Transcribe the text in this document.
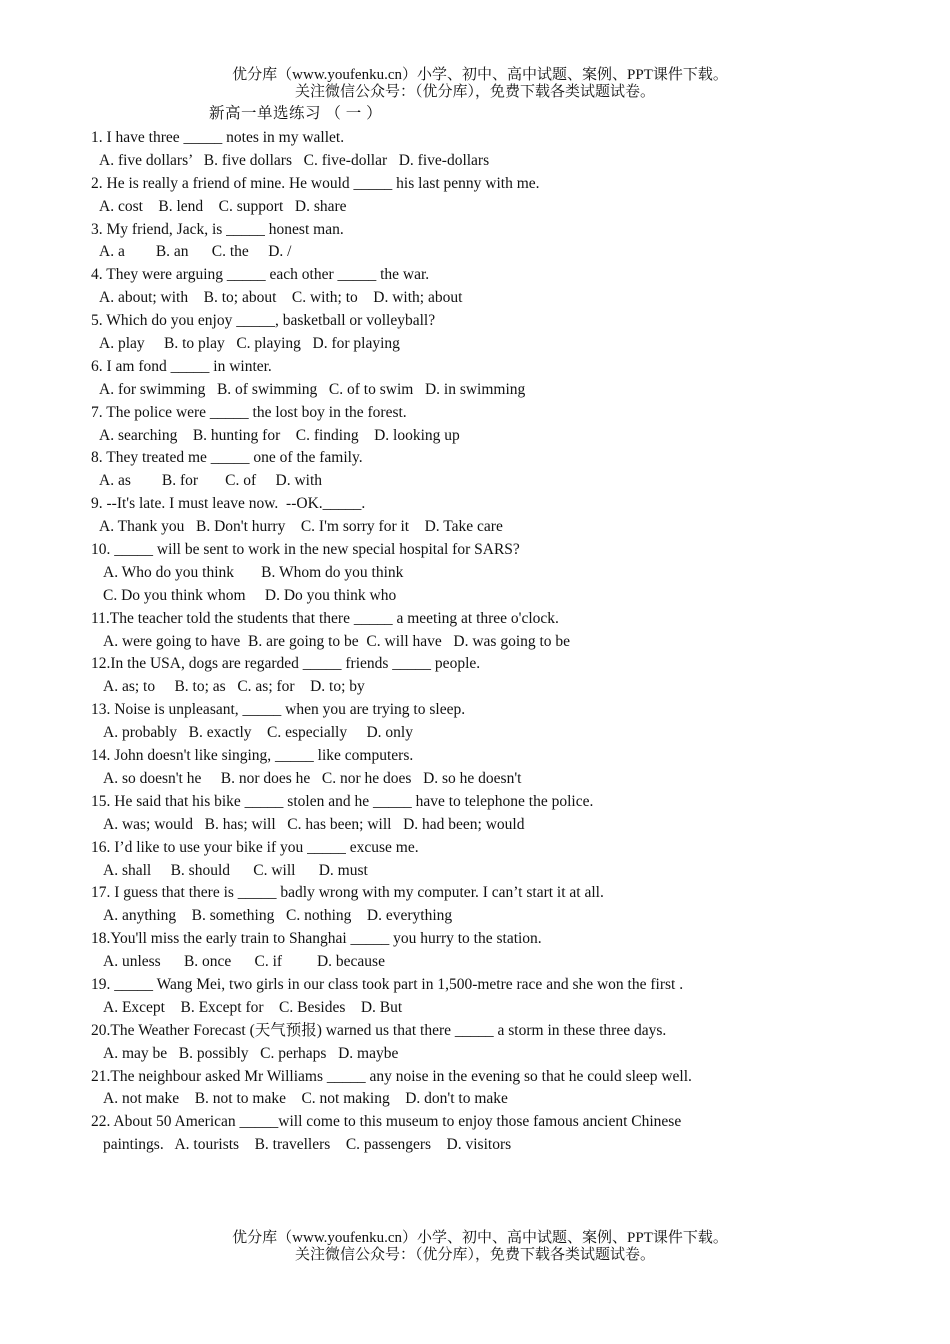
优分库（www.youfenku.cn）小学、初中、高中试题、案例、PPT课件下载。
关注微信公众号：（优分库），免费下载各类试题试卷。
新高一单选练习 （ 一 ）
1. I have three _____ notes in my wallet.
A. five dollars’   B. five dollars   C. five-dollar   D. five-dollars
2. He is really a friend of mine. He would _____ his last penny with me.
A. cost    B. lend    C. support   D. share
3. My friend, Jack, is _____ honest man.
A. a        B. an      C. the     D. /
4. They were arguing _____ each other _____ the war.
A. about; with    B. to; about    C. with; to    D. with; about
5. Which do you enjoy _____, basketball or volleyball?
A. play     B. to play   C. playing   D. for playing
6. I am fond _____ in winter.
A. for swimming   B. of swimming   C. of to swim   D. in swimming
7. The police were _____ the lost boy in the forest.
A. searching    B. hunting for    C. finding    D. looking up
8. They treated me _____ one of the family.
A. as        B. for       C. of     D. with
9. --It's late. I must leave now.  --OK._____.
A. Thank you   B. Don't hurry    C. I'm sorry for it    D. Take care
10. _____ will be sent to work in the new special hospital for SARS?
A. Who do you think       B. Whom do you think
C. Do you think whom     D. Do you think who
11.The teacher told the students that there _____ a meeting at three o'clock.
A. were going to have  B. are going to be  C. will have   D. was going to be
12.In the USA, dogs are regarded _____ friends _____ people.
A. as; to     B. to; as   C. as; for    D. to; by
13. Noise is unpleasant, _____ when you are trying to sleep.
A. probably   B. exactly    C. especially     D. only
14. John doesn't like singing, _____ like computers.
A. so doesn't he     B. nor does he   C. nor he does   D. so he doesn't
15. He said that his bike _____ stolen and he _____ have to telephone the police.
A. was; would   B. has; will   C. has been; will   D. had been; would
16. I’d like to use your bike if you _____ excuse me.
A. shall     B. should      C. will      D. must
17. I guess that there is _____ badly wrong with my computer. I can’t start it at all.
A. anything    B. something   C. nothing    D. everything
18.You'll miss the early train to Shanghai _____ you hurry to the station.
A. unless      B. once      C. if         D. because
19. _____ Wang Mei, two girls in our class took part in 1,500-metre race and she won the first .
A. Except    B. Except for    C. Besides    D. But
20.The Weather Forecast (天气预报) warned us that there _____ a storm in these three days.
A. may be   B. possibly   C. perhaps   D. maybe
21.The neighbour asked Mr Williams _____ any noise in the evening so that he could sleep well.
A. not make    B. not to make    C. not making    D. don't to make
22. About 50 American _____will come to this museum to enjoy those famous ancient Chinese
paintings.   A. tourists    B. travellers    C. passengers    D. visitors
优分库（www.youfenku.cn）小学、初中、高中试题、案例、PPT课件下载。
关注微信公众号：（优分库），免费下载各类试题试卷。
